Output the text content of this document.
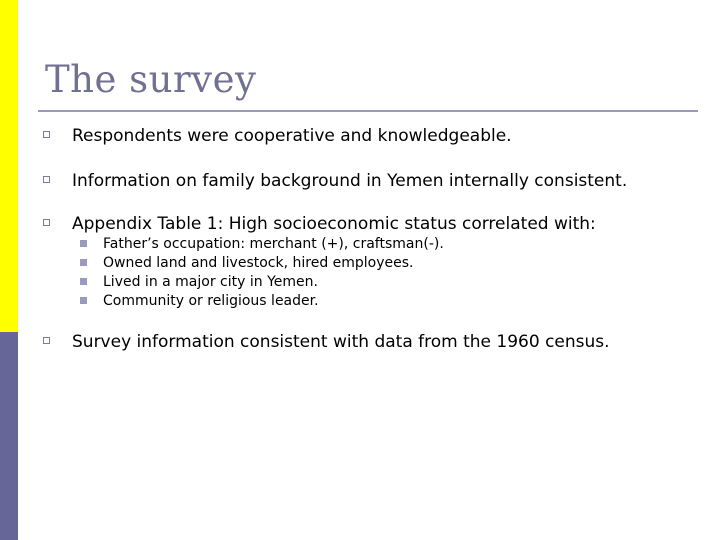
The survey
Respondents were cooperative and knowledgeable.
Information on family background in Yemen internally consistent.
Appendix Table 1: High socioeconomic status correlated with:
Father’s occupation: merchant (+), craftsman(-).
Owned land and livestock, hired employees.
Lived in a major city in Yemen.
Community or religious leader.
Survey information consistent with data from the 1960 census.
